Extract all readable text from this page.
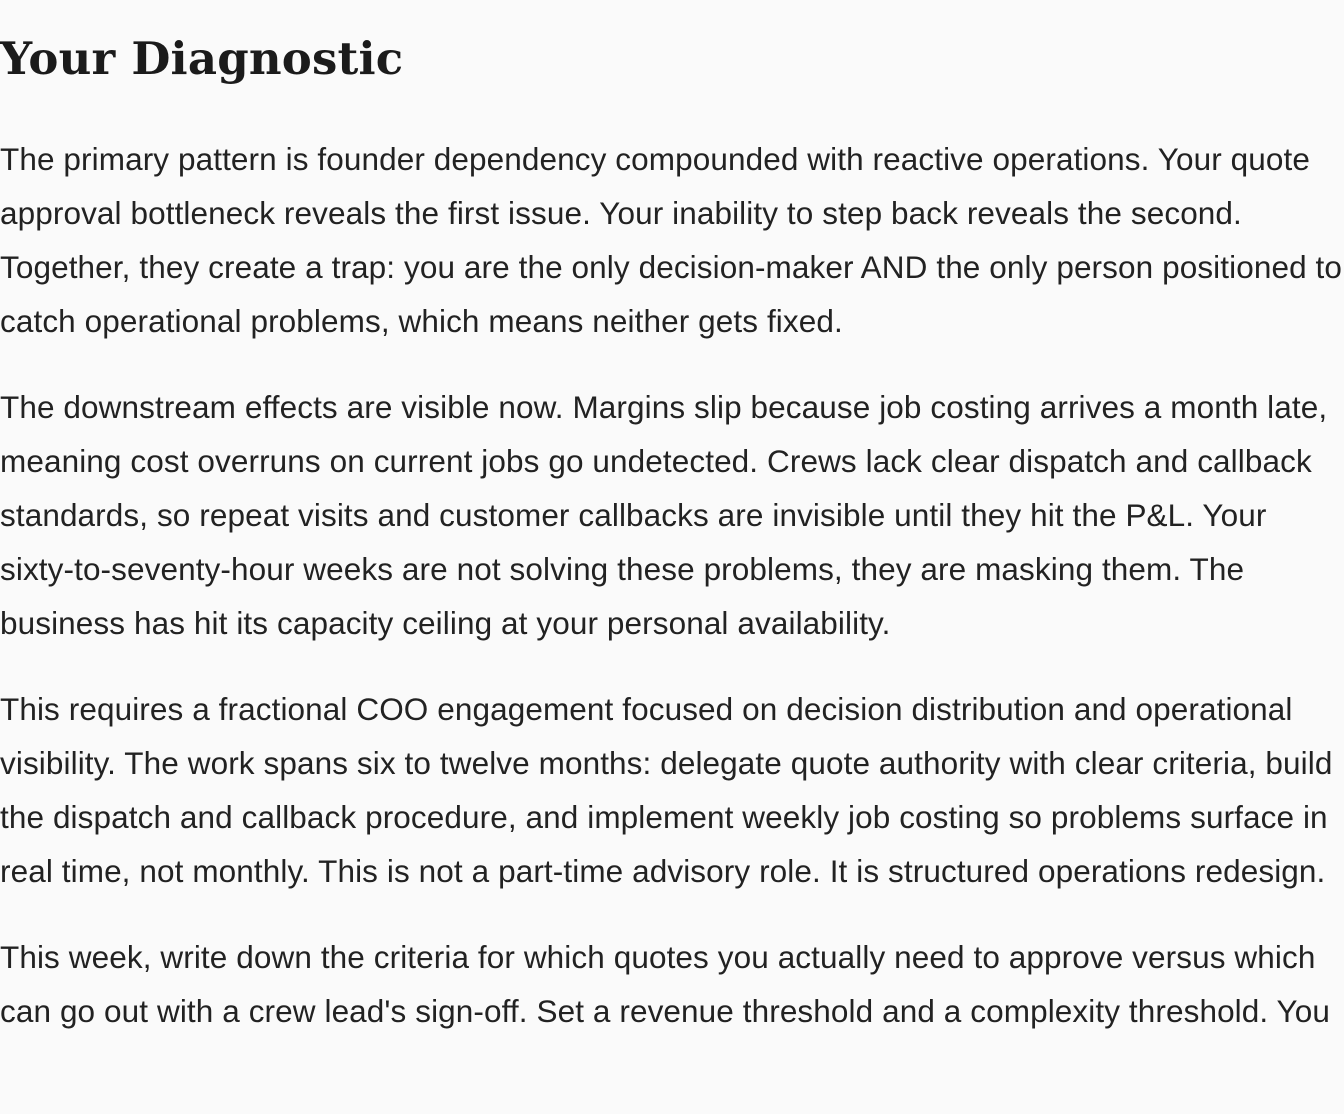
Your Diagnostic

The primary pattern is founder dependency compounded with reactive operations. Your quote approval bottleneck reveals the first issue. Your inability to step back reveals the second. Together, they create a trap: you are the only decision-maker AND the only person positioned to catch operational problems, which means neither gets fixed.

The downstream effects are visible now. Margins slip because job costing arrives a month late, meaning cost overruns on current jobs go undetected. Crews lack clear dispatch and callback standards, so repeat visits and customer callbacks are invisible until they hit the P&L. Your sixty-to-seventy-hour weeks are not solving these problems, they are masking them. The business has hit its capacity ceiling at your personal availability.

This requires a fractional COO engagement focused on decision distribution and operational visibility. The work spans six to twelve months: delegate quote authority with clear criteria, build the dispatch and callback procedure, and implement weekly job costing so problems surface in real time, not monthly. This is not a part-time advisory role. It is structured operations redesign.

This week, write down the criteria for which quotes you actually need to approve versus which can go out with a crew lead's sign-off. Set a revenue threshold and a complexity threshold. You
